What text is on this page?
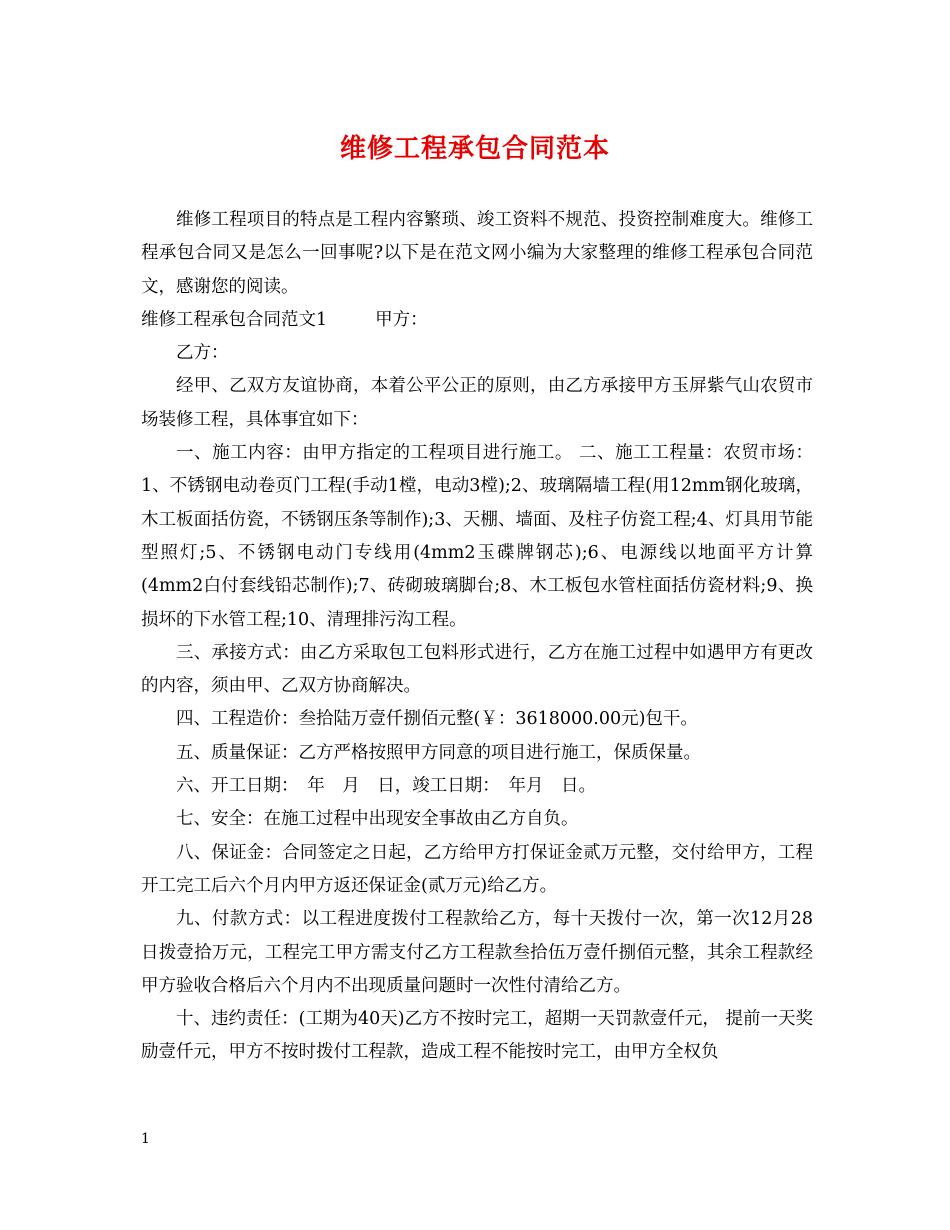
维修工程承包合同范本

维修工程项目的特点是工程内容繁琐、竣工资料不规范、投资控制难度大。维修工程承包合同又是怎么一回事呢?以下是在范文网小编为大家整理的维修工程承包合同范文，感谢您的阅读。

维修工程承包合同范文1	甲方：

乙方：

经甲、乙双方友谊协商，本着公平公正的原则，由乙方承接甲方玉屏紫气山农贸市场装修工程，具体事宜如下：

一、施工内容：由甲方指定的工程项目进行施工。 二、施工工程量：农贸市场：1、不锈钢电动卷页门工程(手动1樘，电动3樘);2、玻璃隔墙工程(用12mm钢化玻璃，木工板面括仿瓷，不锈钢压条等制作);3、天棚、墙面、及柱子仿瓷工程;4、灯具用节能型照灯;5、不锈钢电动门专线用(4mm2玉碟牌钢芯);6、电源线以地面平方计算(4mm2白付套线铅芯制作);7、砖砌玻璃脚台;8、木工板包水管柱面括仿瓷材料;9、换损坏的下水管工程;10、清理排污沟工程。

三、承接方式：由乙方采取包工包料形式进行，乙方在施工过程中如遇甲方有更改的内容，须由甲、乙双方协商解决。

四、工程造价：叁拾陆万壹仟捌佰元整(￥：3618000.00元)包干。

五、质量保证：乙方严格按照甲方同意的项目进行施工，保质保量。

六、开工日期：　年　月　日，竣工日期：　年月　日。

七、安全：在施工过程中出现安全事故由乙方自负。

八、保证金：合同签定之日起，乙方给甲方打保证金贰万元整，交付给甲方，工程开工完工后六个月内甲方返还保证金(贰万元)给乙方。

九、付款方式：以工程进度拨付工程款给乙方，每十天拨付一次，第一次12月28日拨壹拾万元，工程完工甲方需支付乙方工程款叁拾伍万壹仟捌佰元整，其余工程款经甲方验收合格后六个月内不出现质量问题时一次性付清给乙方。

十、违约责任：(工期为40天)乙方不按时完工，超期一天罚款壹仟元， 提前一天奖励壹仟元，甲方不按时拨付工程款，造成工程不能按时完工，由甲方全权负

1
